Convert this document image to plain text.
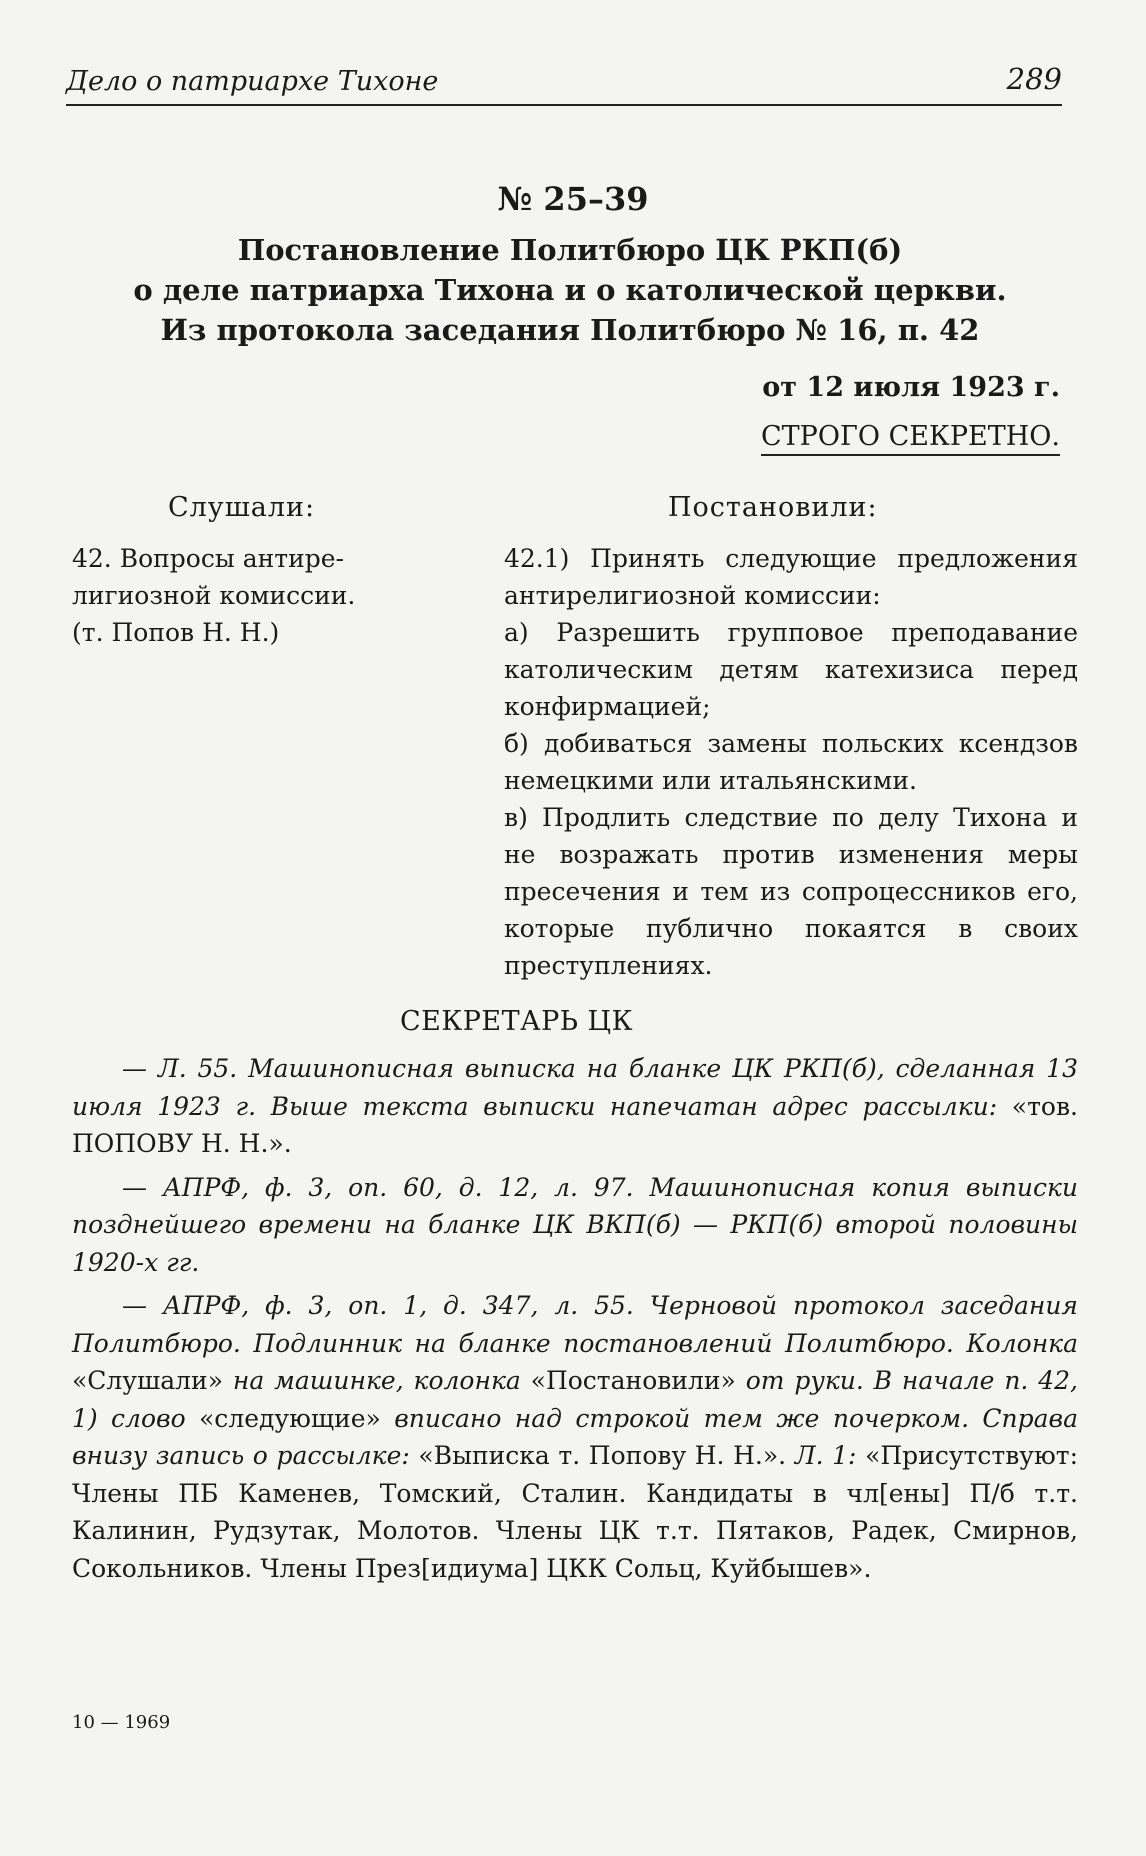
Дело о патриархе Тихоне	289
№ 25–39
Постановление Политбюро ЦК РКП(б)
о деле патриарха Тихона и о католической церкви.
Из протокола заседания Политбюро № 16, п. 42
от 12 июля 1923 г.
СТРОГО СЕКРЕТНО.
Слушали:	Постановили:

42. Вопросы антире-

лигиозной комиссии.

(т. Попов Н. Н.)

42.1) Принять следующие предложения антирелигиозной комиссии:

а) Разрешить групповое преподавание католическим детям катехизиса перед конфирмацией;

б) добиваться замены польских ксендзов немецкими или итальянскими.

в) Продлить следствие по делу Тихона и не возражать против изменения меры пресечения и тем из сопроцессников его, которые публично покаятся в своих преступлениях.

СЕКРЕТАРЬ ЦК

— Л. 55. Машинописная выписка на бланке ЦК РКП(б), сделанная 13 июля 1923 г. Выше текста выписки напечатан адрес рассылки: «тов. ПОПОВУ Н. Н.».

— АПРФ, ф. 3, оп. 60, д. 12, л. 97. Машинописная копия выписки позднейшего времени на бланке ЦК ВКП(б) — РКП(б) второй половины 1920-х гг.

— АПРФ, ф. 3, оп. 1, д. 347, л. 55. Черновой протокол заседания Политбюро. Подлинник на бланке постановлений Политбюро. Колонка «Слушали» на машинке, колонка «Постановили» от руки. В начале п. 42, 1) слово «следующие» вписано над строкой тем же почерком. Справа внизу запись о рассылке: «Выписка т. Попову Н. Н.». Л. 1: «Присутствуют: Члены ПБ Каменев, Томский, Сталин. Кандидаты в чл[ены] П/б т.т. Калинин, Рудзутак, Молотов. Члены ЦК т.т. Пятаков, Радек, Смирнов, Сокольников. Члены През[идиума] ЦКК Сольц, Куйбышев».

10 — 1969
